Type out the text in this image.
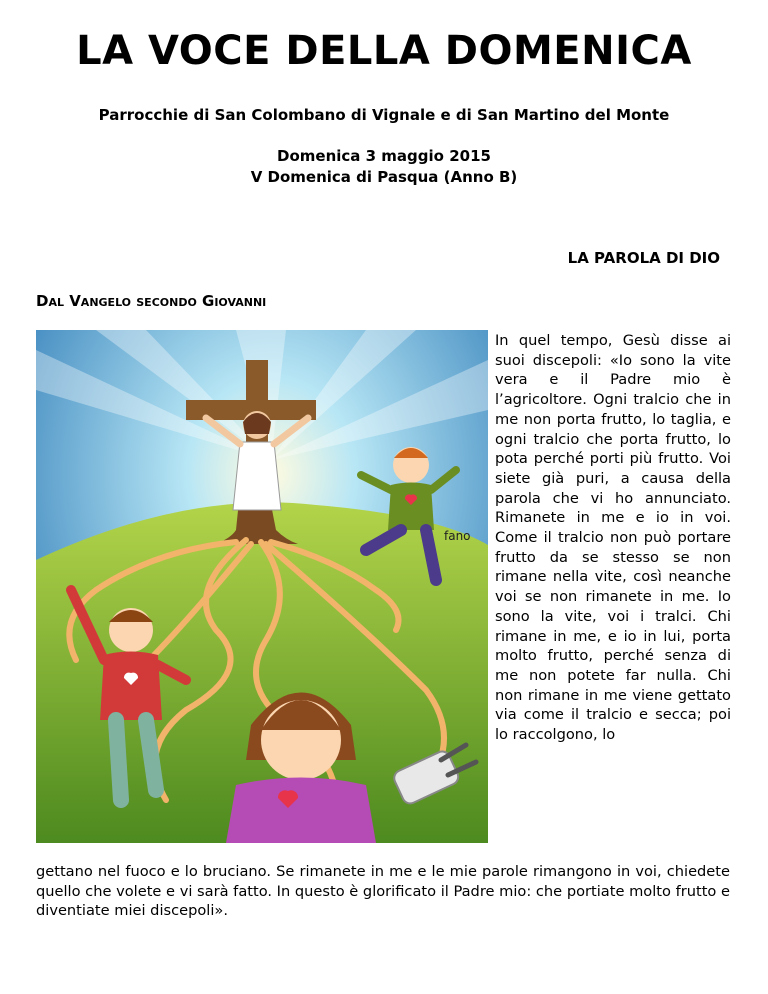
LA VOCE DELLA DOMENICA
Parrocchie di San Colombano di Vignale e di San Martino del Monte
Domenica 3 maggio 2015
V Domenica di Pasqua (Anno B)
LA PAROLA DI DIO
Dal Vangelo secondo Giovanni
fano
In quel tempo, Gesù disse ai suoi discepoli: «Io sono la vite vera e il Padre mio è l’agricoltore. Ogni tralcio che in me non porta frutto, lo taglia, e ogni tralcio che porta frutto, lo pota perché porti più frutto. Voi siete già puri, a causa della parola che vi ho annunciato. Rimanete in me e io in voi. Come il tralcio non può portare frutto da se stesso se non rimane nella vite, così neanche voi se non rimanete in me. Io sono la vite, voi i tralci. Chi rimane in me, e io in lui, porta molto frutto, perché senza di me non potete far nulla. Chi non rimane in me viene gettato via come il tralcio e secca; poi lo raccolgono, lo
gettano nel fuoco e lo bruciano. Se rimanete in me e le mie parole rimangono in voi, chiedete quello che volete e vi sarà fatto. In questo è glorificato il Padre mio: che portiate molto frutto e diventiate miei discepoli».
